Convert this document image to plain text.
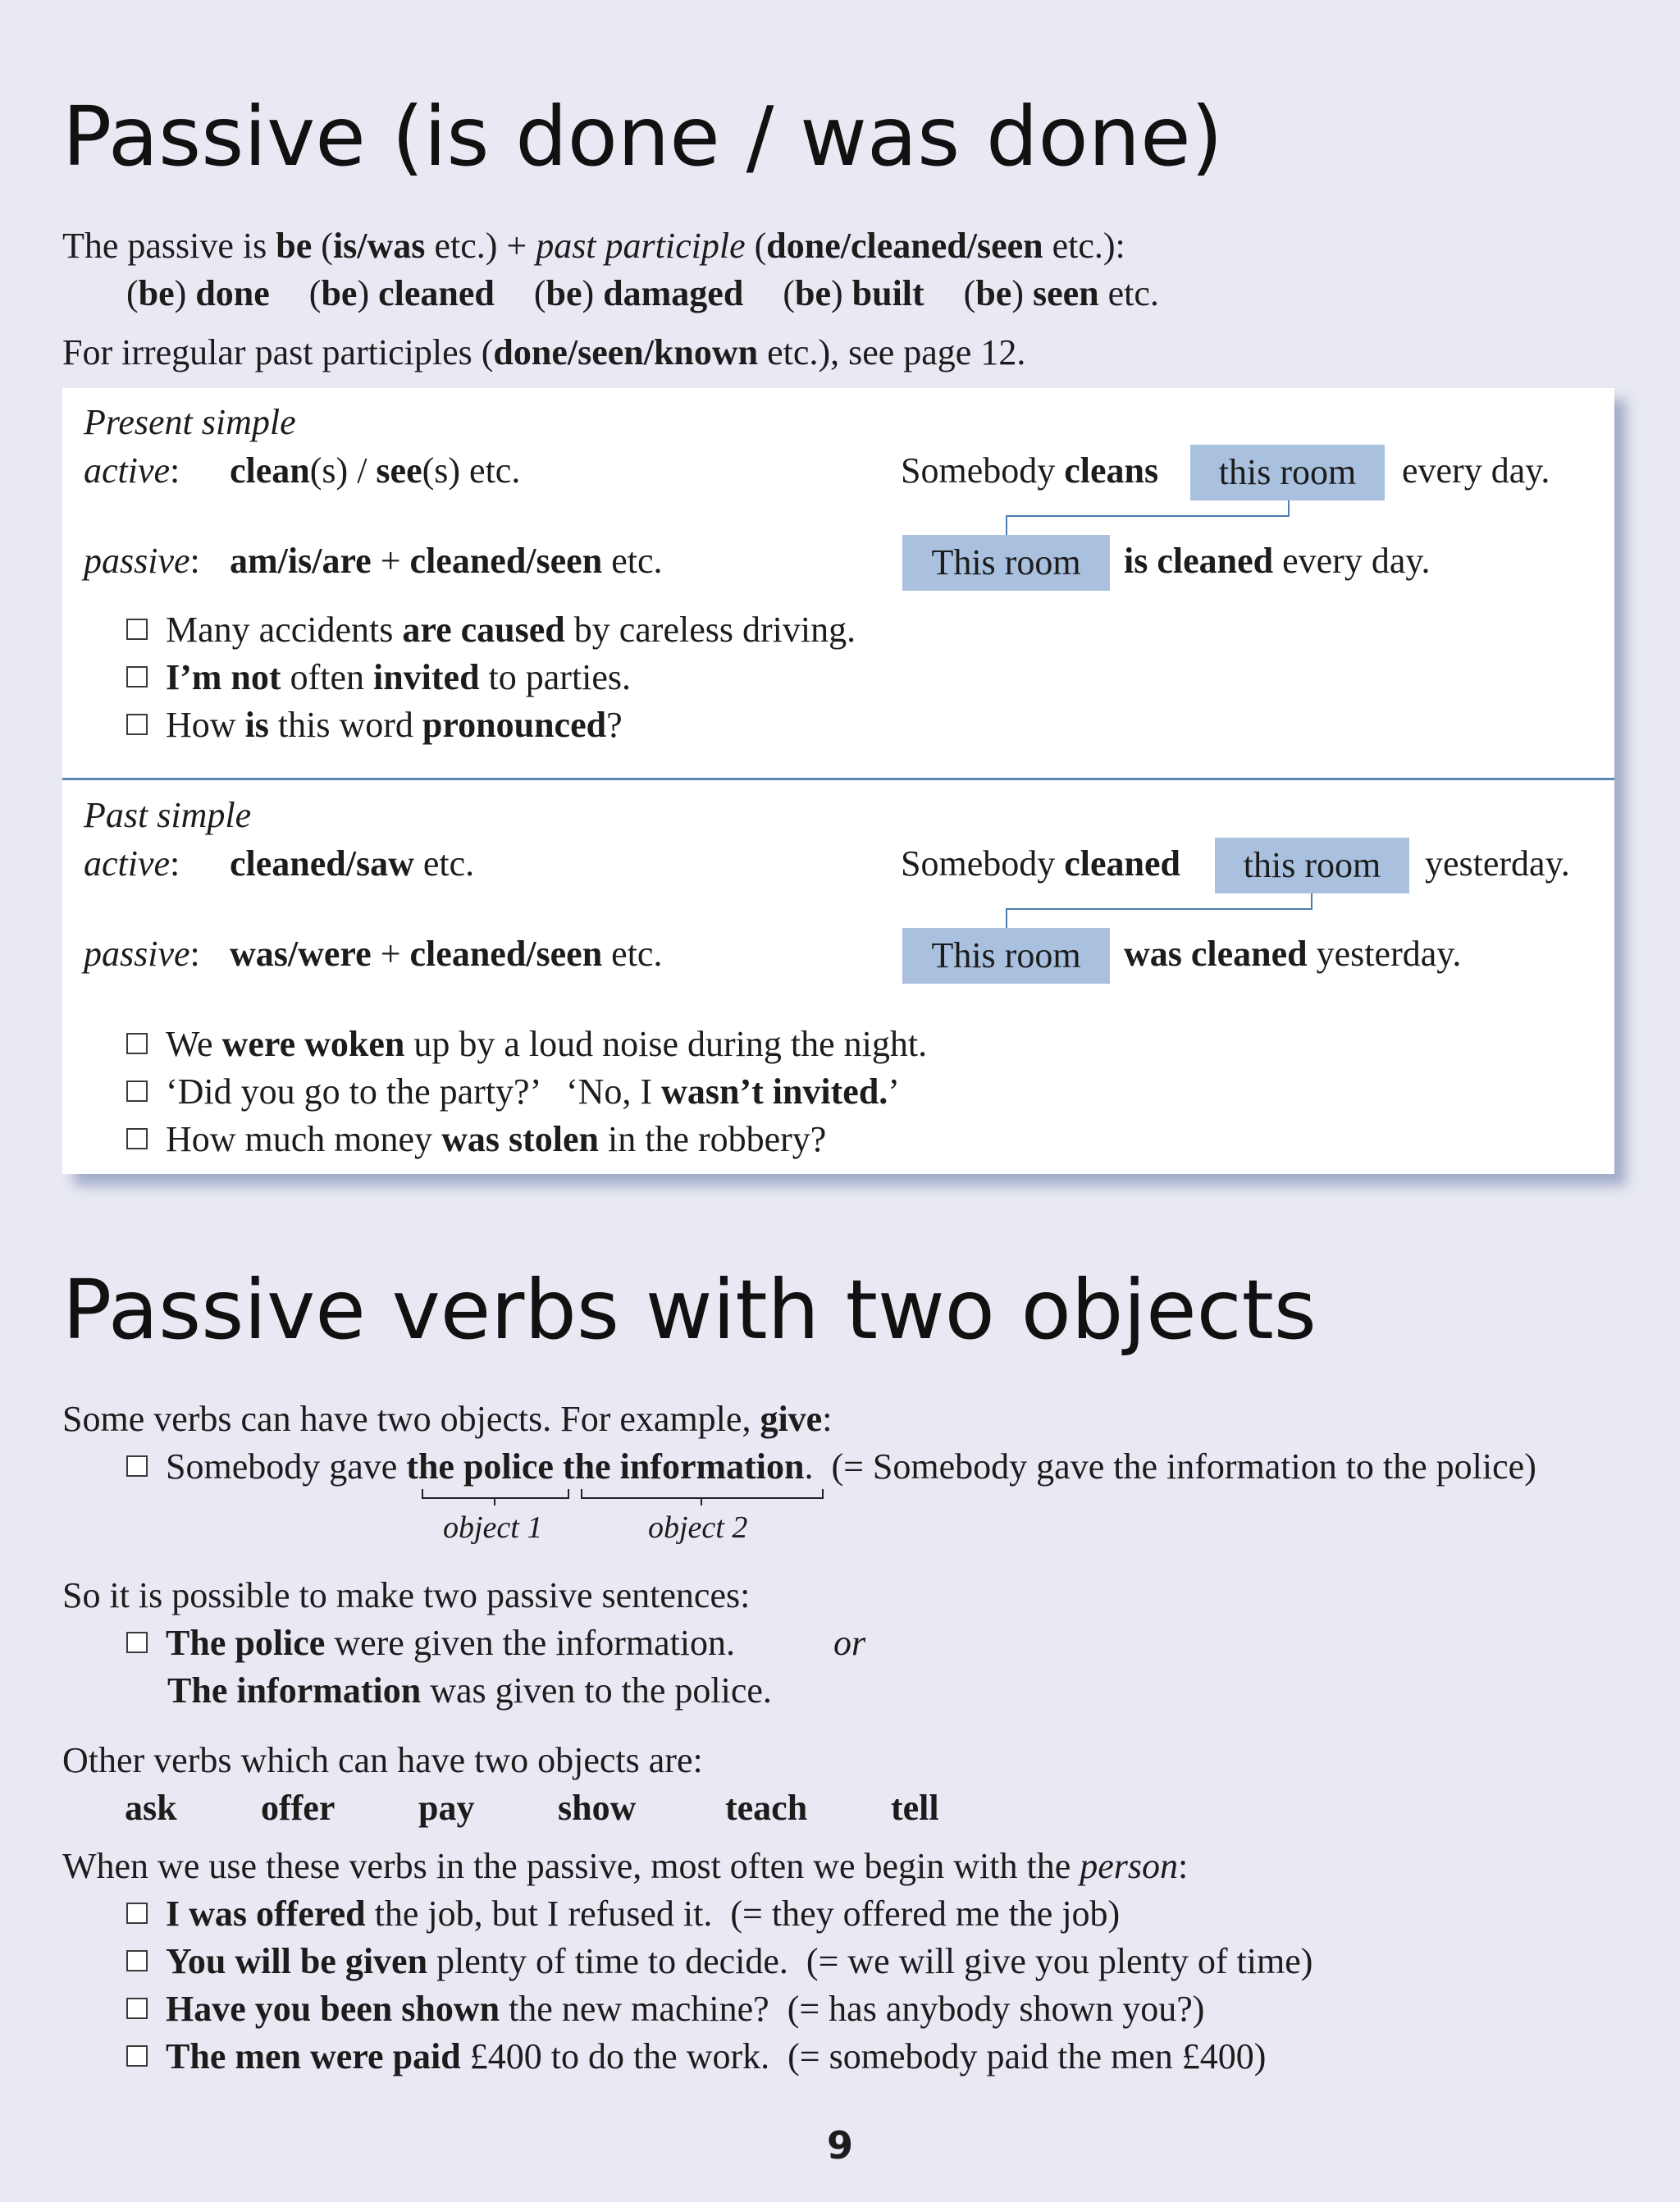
Passive (is done / was done)
The passive is be (is/was etc.) + past participle (done/cleaned/seen etc.):
(be) done (be) cleaned (be) damaged (be) built (be) seen etc.
For irregular past participles (done/seen/known etc.), see page 12.
Present simple
active: clean(s) / see(s) etc.	Somebody cleans	this room	every day.
passive: am/is/are + cleaned/seen etc.	This room	is cleaned every day.
Many accidents are caused by careless driving.
I’m not often invited to parties.
How is this word pronounced?
Past simple
active: cleaned/saw etc.	Somebody cleaned	this room	yesterday.
passive: was/were + cleaned/seen etc.	This room	was cleaned yesterday.
We were woken up by a loud noise during the night.
‘Did you go to the party?’   ‘No, I wasn’t invited.’
How much money was stolen in the robbery?
Passive verbs with two objects
Some verbs can have two objects. For example, give:
Somebody gave the police the information.  (= Somebody gave the information to the police)
object 1	object 2
So it is possible to make two passive sentences:
The police were given the information.	or
The information was given to the police.
Other verbs which can have two objects are:
ask offer pay show teach tell
When we use these verbs in the passive, most often we begin with the person:
I was offered the job, but I refused it.  (= they offered me the job)
You will be given plenty of time to decide.  (= we will give you plenty of time)
Have you been shown the new machine?  (= has anybody shown you?)
The men were paid £400 to do the work.  (= somebody paid the men £400)
9
